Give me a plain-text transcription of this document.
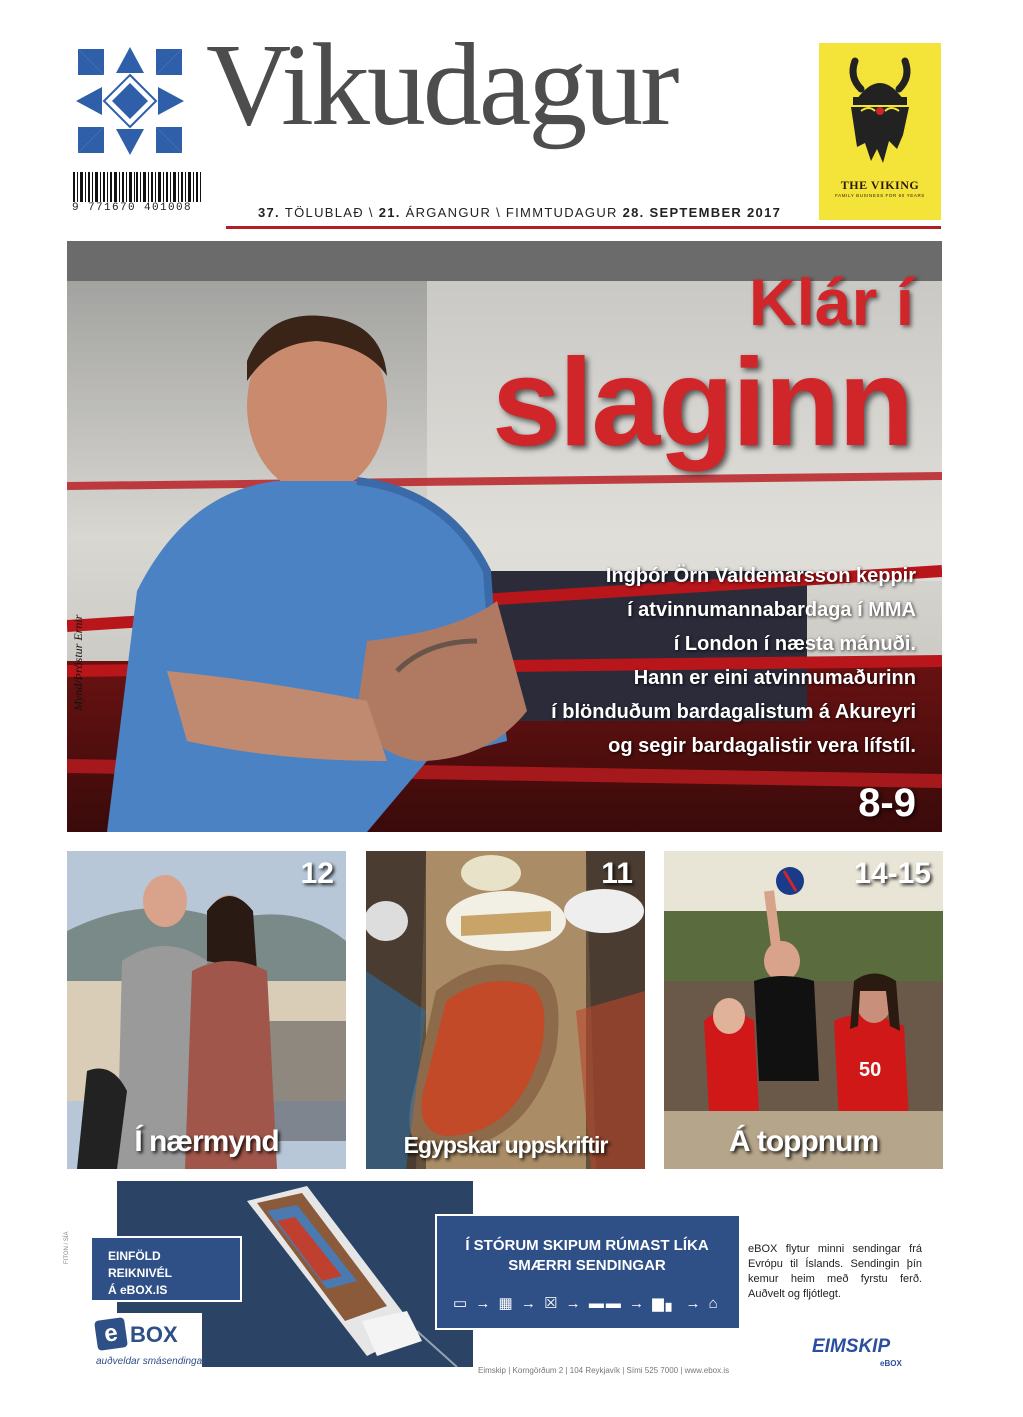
Vikudagur
9 771670 401008	37. TÖLUBLAÐ \ 21. ÁRGANGUR \ FIMMTUDAGUR 28. SEPTEMBER 2017
THE VIKING
FAMILY BUSINESS FOR 60 YEARS
Klár í
slaginn
Ingþór Örn Valdemarsson keppir
í atvinnumannabardaga í MMA
í London í næsta mánuði.
Hann er eini atvinnumaðurinn
í blönduðum bardagalistum á Akureyri
og segir bardagalistir vera lífstíl.
8-9
Mynd/Þröstur Ernir
12
Í nærmynd
11
Egypskar uppskriftir
50
14-15
Á toppnum
EINFÖLD REIKNIVÉL
Á eBOX.IS
e BOX
auðveldar smásendingar
Í STÓRUM SKIPUM RÚMAST LÍKA
SMÆRRI SENDINGAR
▭ → ▦ → ☒ → ▬▬ → ▆▖ → ⌂
eBOX flytur minni sendingar frá Evrópu til Íslands. Sendingin þín kemur heim með fyrstu ferð. Auðvelt og fljótlegt.
Eimskip | Korngörðum 2 | 104 Reykjavík | Sími 525 7000 | www.ebox.is
EIMSKIP
eBOX
FITON / SÍA
